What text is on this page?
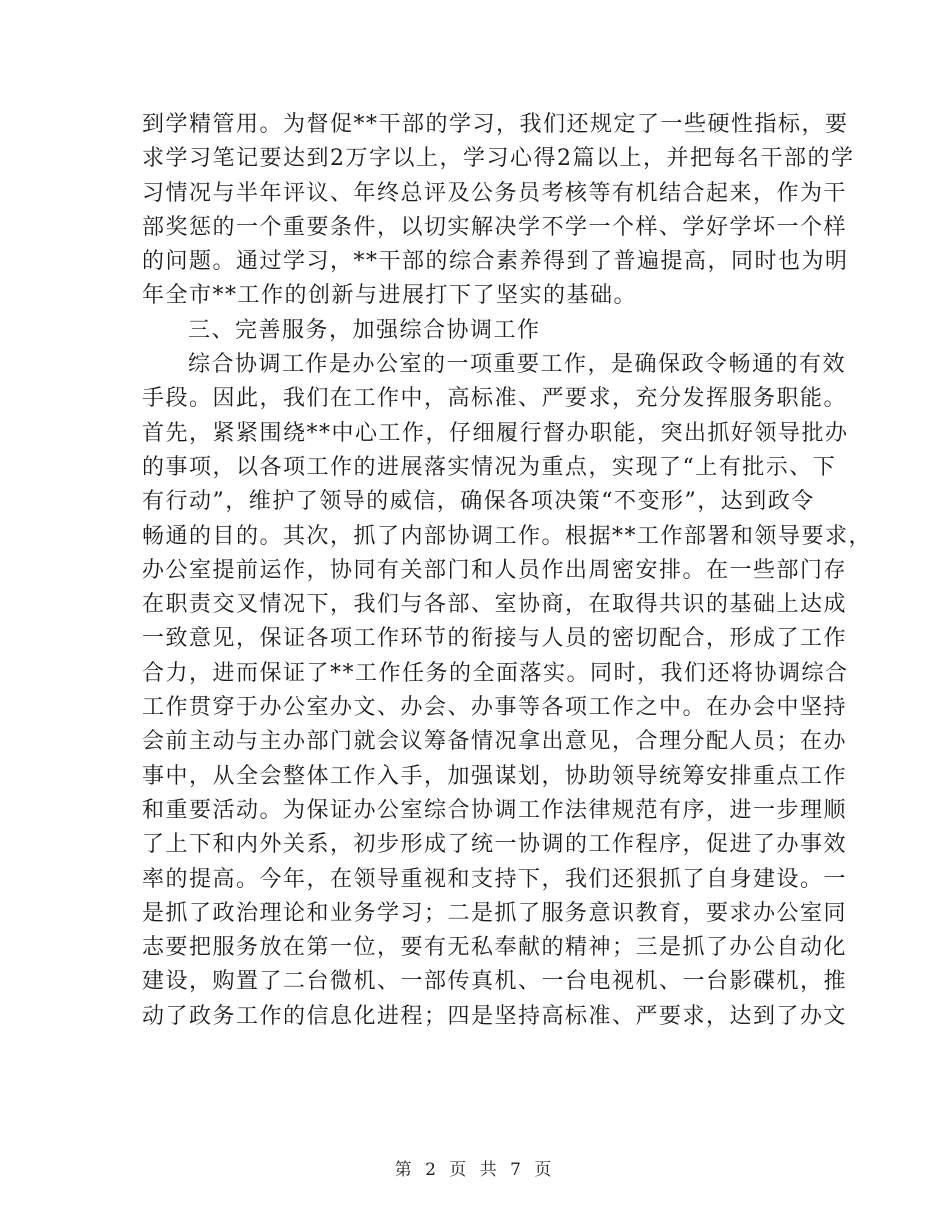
到学精管用。为督促**干部的学习，我们还规定了一些硬性指标，要
求学习笔记要达到2万字以上，学习心得2篇以上，并把每名干部的学
习情况与半年评议、年终总评及公务员考核等有机结合起来，作为干
部奖惩的一个重要条件，以切实解决学不学一个样、学好学坏一个样
的问题。通过学习，**干部的综合素养得到了普遍提高，同时也为明
年全市**工作的创新与进展打下了坚实的基础。
三、完善服务，加强综合协调工作
综合协调工作是办公室的一项重要工作，是确保政令畅通的有效
手段。因此，我们在工作中，高标准、严要求，充分发挥服务职能。
首先，紧紧围绕**中心工作，仔细履行督办职能，突出抓好领导批办
的事项，以各项工作的进展落实情况为重点，实现了“上有批示、下
有行动”，维护了领导的威信，确保各项决策“不变形”，达到政令
畅通的目的。其次，抓了内部协调工作。根据**工作部署和领导要求，
办公室提前运作，协同有关部门和人员作出周密安排。在一些部门存
在职责交叉情况下，我们与各部、室协商，在取得共识的基础上达成
一致意见，保证各项工作环节的衔接与人员的密切配合，形成了工作
合力，进而保证了**工作任务的全面落实。同时，我们还将协调综合
工作贯穿于办公室办文、办会、办事等各项工作之中。在办会中坚持
会前主动与主办部门就会议筹备情况拿出意见，合理分配人员；在办
事中，从全会整体工作入手，加强谋划，协助领导统筹安排重点工作
和重要活动。为保证办公室综合协调工作法律规范有序，进一步理顺
了上下和内外关系，初步形成了统一协调的工作程序，促进了办事效
率的提高。今年，在领导重视和支持下，我们还狠抓了自身建设。一
是抓了政治理论和业务学习；二是抓了服务意识教育，要求办公室同
志要把服务放在第一位，要有无私奉献的精神；三是抓了办公自动化
建设，购置了二台微机、一部传真机、一台电视机、一台影碟机，推
动了政务工作的信息化进程；四是坚持高标准、严要求，达到了办文
第 2 页 共 7 页
